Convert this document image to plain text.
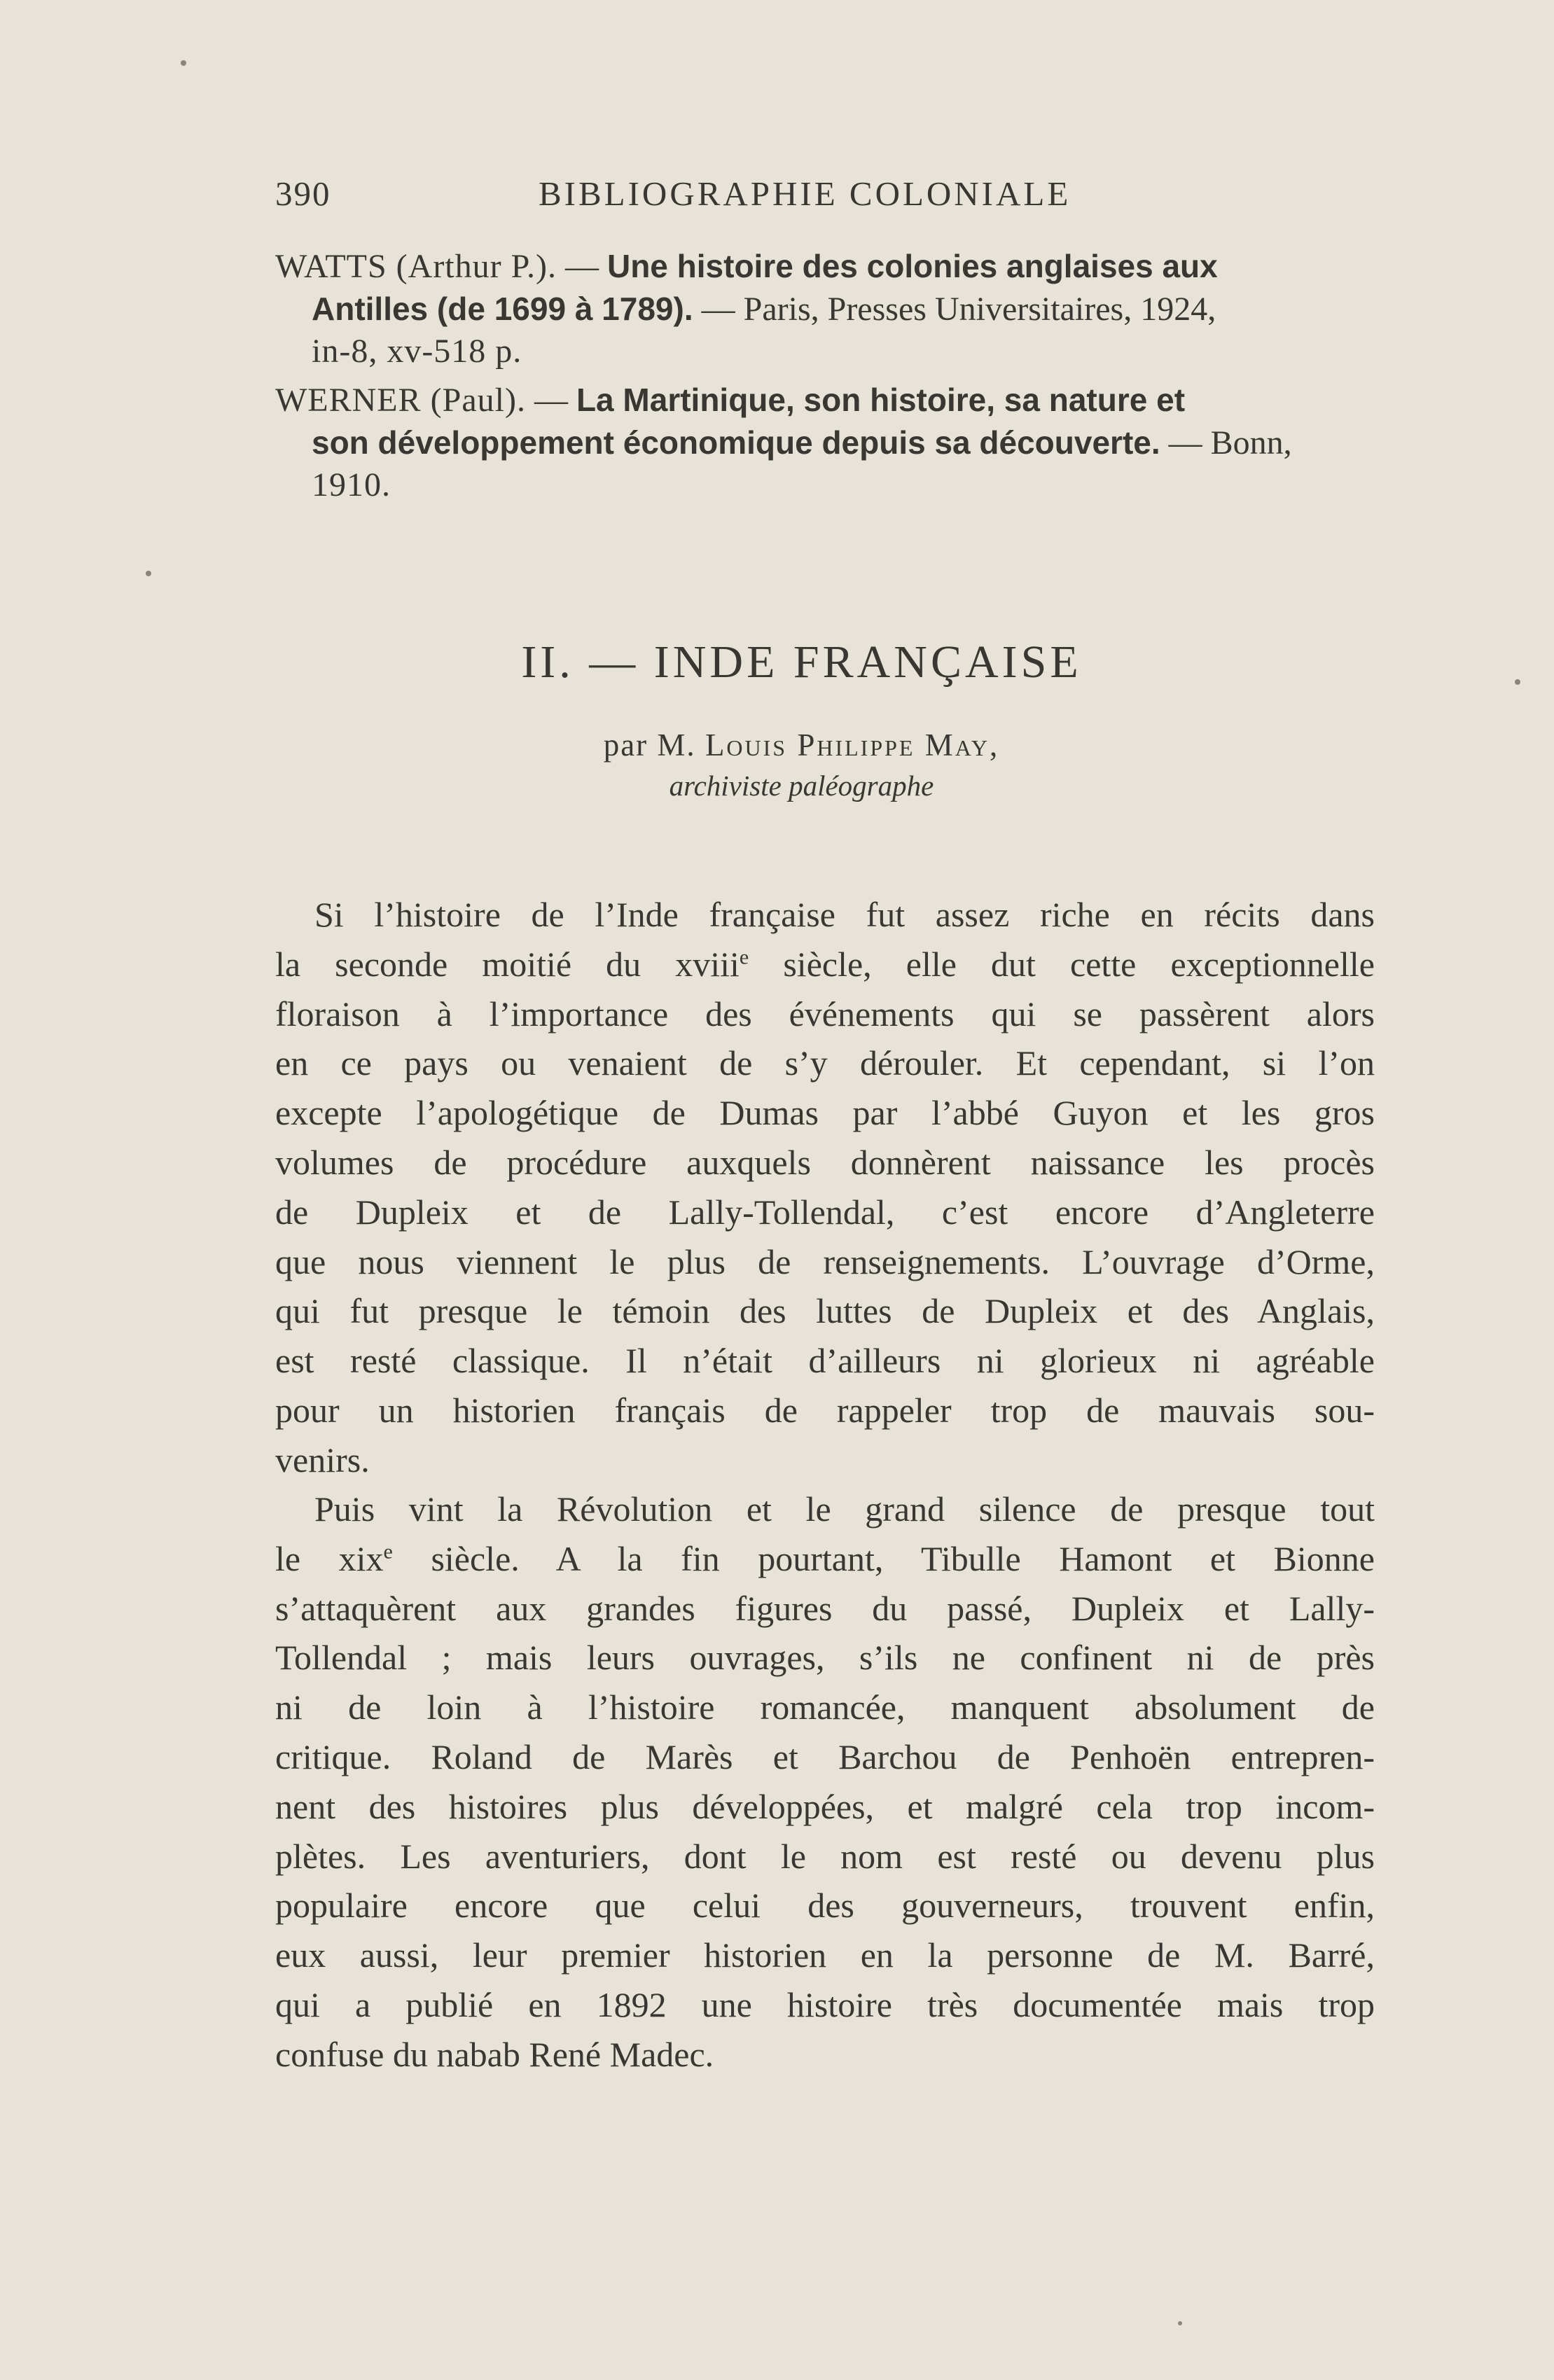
390	BIBLIOGRAPHIE COLONIALE
WATTS (Arthur P.). — Une histoire des colonies anglaises aux
Antilles (de 1699 à 1789). — Paris, Presses Universitaires, 1924,
in-8, xv-518 p.
WERNER (Paul). — La Martinique, son histoire, sa nature et
son développement économique depuis sa découverte. — Bonn,
1910.
II. — INDE FRANÇAISE
par M. Louis Philippe May,
archiviste paléographe
Si l’histoire de l’Inde française fut assez riche en récits dans
la seconde moitié du xviii$^e$ siècle, elle dut cette exceptionnelle
floraison à l’importance des événements qui se passèrent alors
en ce pays ou venaient de s’y dérouler. Et cependant, si l’on
excepte l’apologétique de Dumas par l’abbé Guyon et les gros
volumes de procédure auxquels donnèrent naissance les procès
de Dupleix et de Lally-Tollendal, c’est encore d’Angleterre
que nous viennent le plus de renseignements. L’ouvrage d’Orme,
qui fut presque le témoin des luttes de Dupleix et des Anglais,
est resté classique. Il n’était d’ailleurs ni glorieux ni agréable
pour un historien français de rappeler trop de mauvais sou-
venirs.
Puis vint la Révolution et le grand silence de presque tout
le xix$^e$ siècle. A la fin pourtant, Tibulle Hamont et Bionne
s’attaquèrent aux grandes figures du passé, Dupleix et Lally-
Tollendal ; mais leurs ouvrages, s’ils ne confinent ni de près
ni de loin à l’histoire romancée, manquent absolument de
critique. Roland de Marès et Barchou de Penhoën entrepren-
nent des histoires plus développées, et malgré cela trop incom-
plètes. Les aventuriers, dont le nom est resté ou devenu plus
populaire encore que celui des gouverneurs, trouvent enfin,
eux aussi, leur premier historien en la personne de M. Barré,
qui a publié en 1892 une histoire très documentée mais trop
confuse du nabab René Madec.
